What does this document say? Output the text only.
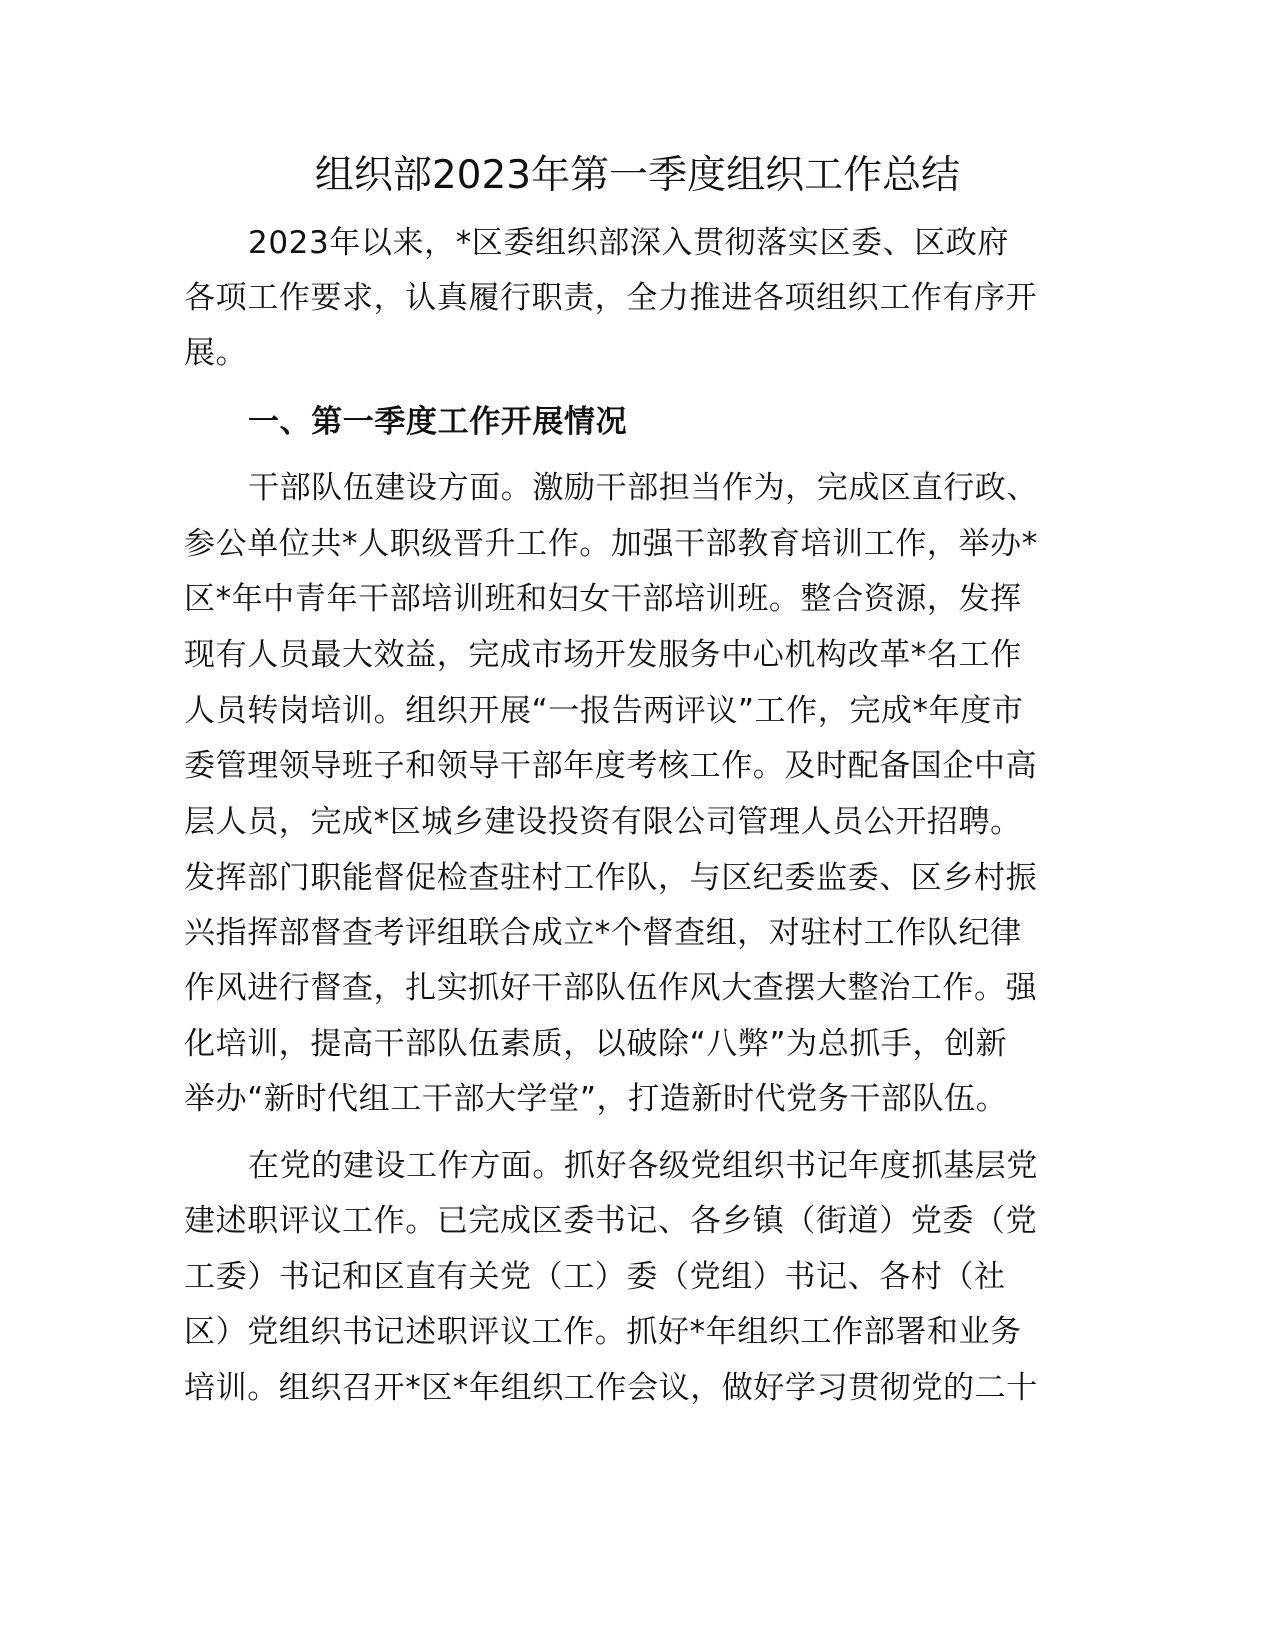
组织部2023年第一季度组织工作总结
2023年以来，*区委组织部深入贯彻落实区委、区政府
各项工作要求，认真履行职责，全力推进各项组织工作有序开
展。
一、第一季度工作开展情况
干部队伍建设方面。激励干部担当作为，完成区直行政、
参公单位共*人职级晋升工作。加强干部教育培训工作，举办*
区*年中青年干部培训班和妇女干部培训班。整合资源，发挥
现有人员最大效益，完成市场开发服务中心机构改革*名工作
人员转岗培训。组织开展“一报告两评议”工作，完成*年度市
委管理领导班子和领导干部年度考核工作。及时配备国企中高
层人员，完成*区城乡建设投资有限公司管理人员公开招聘。
发挥部门职能督促检查驻村工作队，与区纪委监委、区乡村振
兴指挥部督查考评组联合成立*个督查组，对驻村工作队纪律
作风进行督查，扎实抓好干部队伍作风大查摆大整治工作。强
化培训，提高干部队伍素质，以破除“八弊”为总抓手，创新
举办“新时代组工干部大学堂”，打造新时代党务干部队伍。
在党的建设工作方面。抓好各级党组织书记年度抓基层党
建述职评议工作。已完成区委书记、各乡镇（街道）党委（党
工委）书记和区直有关党（工）委（党组）书记、各村（社
区）党组织书记述职评议工作。抓好*年组织工作部署和业务
培训。组织召开*区*年组织工作会议，做好学习贯彻党的二十
